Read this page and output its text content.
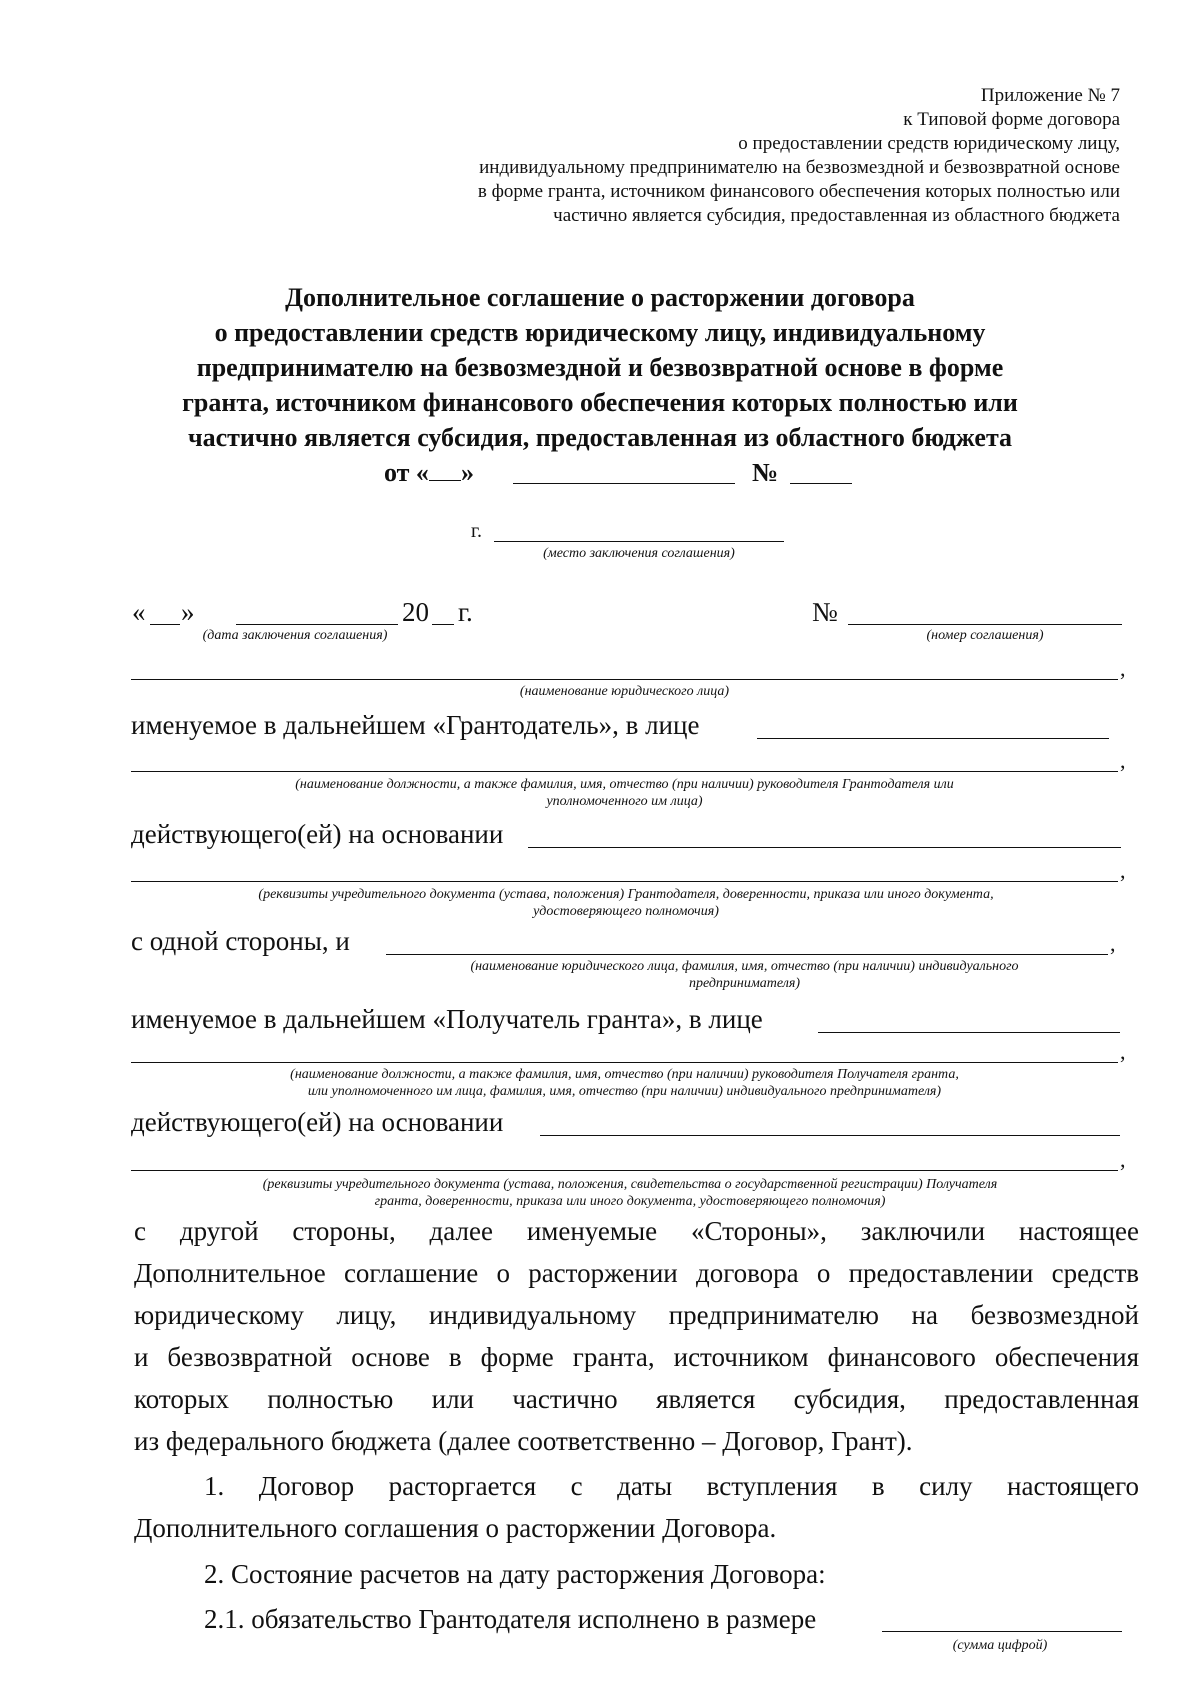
Приложение № 7
к Типовой форме договора
о предоставлении средств юридическому лицу,
индивидуальному предпринимателю на безвозмездной и безвозвратной основе
в форме гранта, источником финансового обеспечения которых полностью или
частично является субсидия, предоставленная из областного бюджета
Дополнительное соглашение о расторжении договора
о предоставлении средств юридическому лицу, индивидуальному
предпринимателю на безвозмездной и безвозвратной основе в форме
гранта, источником финансового обеспечения которых полностью или
частично является субсидия, предоставленная из областного бюджета
от « »	№
г.
(место заключения соглашения)
« »	20 г.
(дата заключения соглашения)
№
(номер соглашения)
,
(наименование юридического лица)
именуемое в дальнейшем «Грантодатель», в лице
,
(наименование должности, а также фамилия, имя, отчество (при наличии) руководителя Грантодателя или
уполномоченного им лица)
действующего(ей) на основании
,
(реквизиты учредительного документа (устава, положения) Грантодателя, доверенности, приказа или иного документа,
удостоверяющего полномочия)
с одной стороны, и	,
(наименование юридического лица, фамилия, имя, отчество (при наличии) индивидуального
предпринимателя)
именуемое в дальнейшем «Получатель гранта», в лице
,
(наименование должности, а также фамилия, имя, отчество (при наличии) руководителя Получателя гранта,
или уполномоченного им лица, фамилия, имя, отчество (при наличии) индивидуального предпринимателя)
действующего(ей) на основании
,
(реквизиты учредительного документа (устава, положения, свидетельства о государственной регистрации) Получателя
гранта, доверенности, приказа или иного документа, удостоверяющего полномочия)
с другой стороны, далее именуемые «Стороны», заключили настоящее
Дополнительное соглашение о расторжении договора о предоставлении средств
юридическому лицу, индивидуальному предпринимателю на безвозмездной
и безвозвратной основе в форме гранта, источником финансового обеспечения
которых полностью или частично является субсидия, предоставленная
из федерального бюджета (далее соответственно – Договор, Грант).
1. Договор расторгается с даты вступления в силу настоящего
Дополнительного соглашения о расторжении Договора.
2. Состояние расчетов на дату расторжения Договора:
2.1. обязательство Грантодателя исполнено в размере
(сумма цифрой)
